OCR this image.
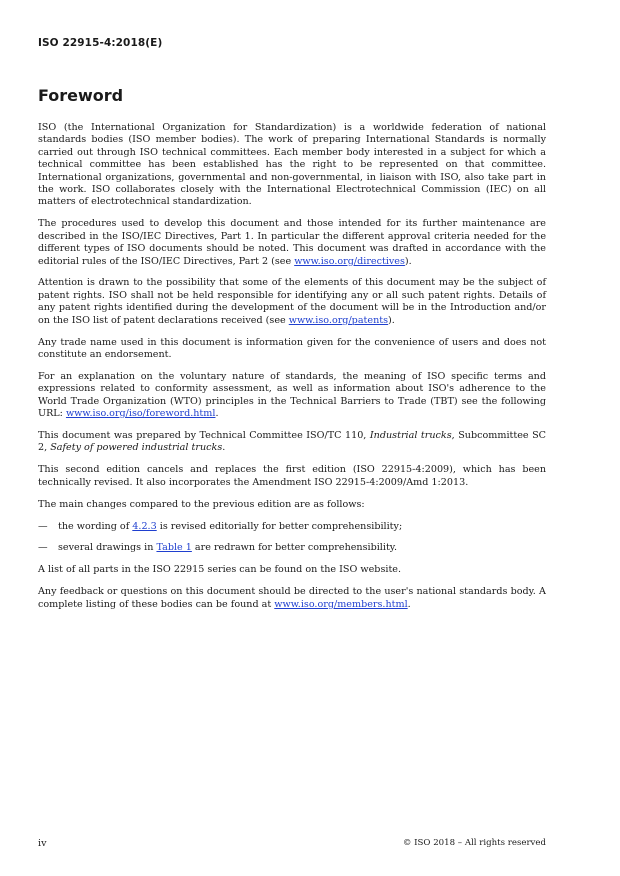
ISO 22915-4:2018(E)
Foreword

ISO (the International Organization for Standardization) is a worldwide federation of national standards bodies (ISO member bodies). The work of preparing International Standards is normally carried out through ISO technical committees. Each member body interested in a subject for which a technical committee has been established has the right to be represented on that committee. International organizations, governmental and non-governmental, in liaison with ISO, also take part in the work. ISO collaborates closely with the International Electrotechnical Commission (IEC) on all matters of electrotechnical standardization.

The procedures used to develop this document and those intended for its further maintenance are described in the ISO/IEC Directives, Part 1. In particular the different approval criteria needed for the different types of ISO documents should be noted. This document was drafted in accordance with the editorial rules of the ISO/IEC Directives, Part 2 (see www.iso.org/directives).

Attention is drawn to the possibility that some of the elements of this document may be the subject of patent rights. ISO shall not be held responsible for identifying any or all such patent rights. Details of any patent rights identified during the development of the document will be in the Introduction and/or on the ISO list of patent declarations received (see www.iso.org/patents).

Any trade name used in this document is information given for the convenience of users and does not constitute an endorsement.

For an explanation on the voluntary nature of standards, the meaning of ISO specific terms and expressions related to conformity assessment, as well as information about ISO's adherence to the World Trade Organization (WTO) principles in the Technical Barriers to Trade (TBT) see the following URL: www.iso.org/iso/foreword.html.

This document was prepared by Technical Committee ISO/TC 110, Industrial trucks, Subcommittee SC 2, Safety of powered industrial trucks.

This second edition cancels and replaces the first edition (ISO 22915-4:2009), which has been technically revised. It also incorporates the Amendment ISO 22915-4:2009/Amd 1:2013.

The main changes compared to the previous edition are as follows:

—	the wording of 4.2.3 is revised editorially for better comprehensibility;
—	several drawings in Table 1 are redrawn for better comprehensibility.

A list of all parts in the ISO 22915 series can be found on the ISO website.

Any feedback or questions on this document should be directed to the user's national standards body. A complete listing of these bodies can be found at www.iso.org/members.html.

iv	© ISO 2018 – All rights reserved
